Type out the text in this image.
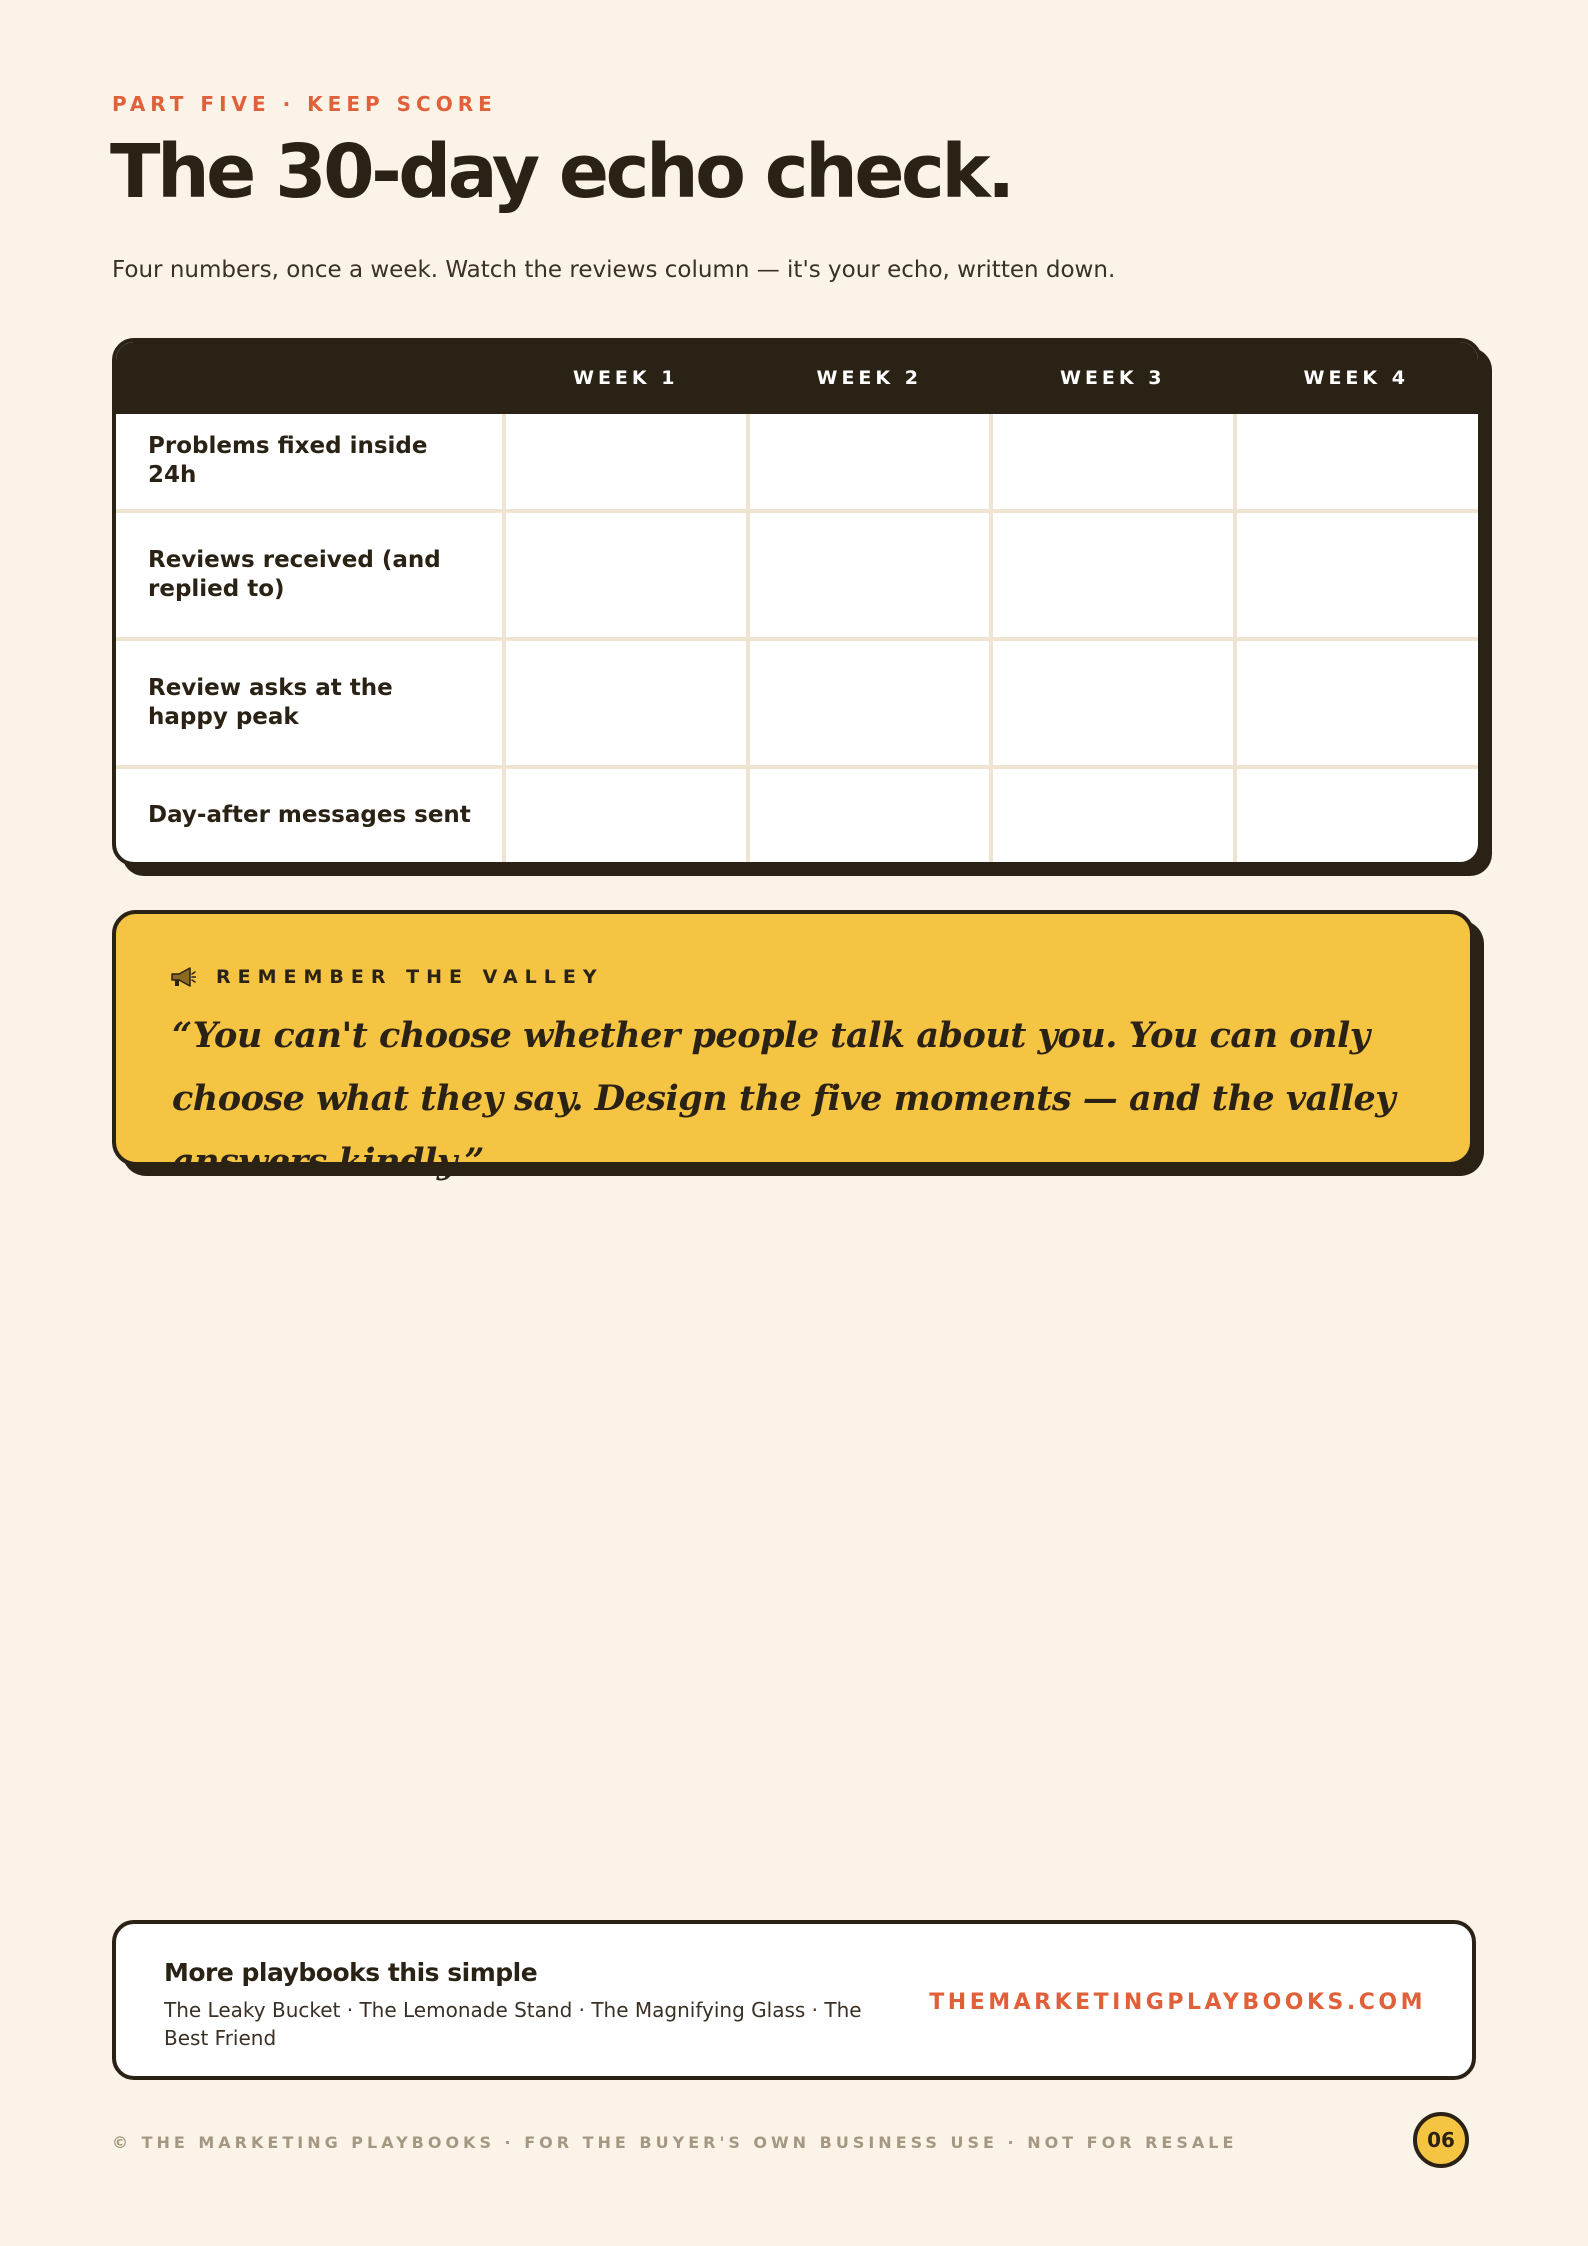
PART FIVE · KEEP SCORE
The 30-day echo check.

Four numbers, once a week. Watch the reviews column — it's your echo, written down.

	WEEK 1	WEEK 2	WEEK 3	WEEK 4
Problems fixed inside 24h				
Reviews received (and replied to)				
Review asks at the happy peak				
Day-after messages sent				
REMEMBER THE VALLEY

“You can't choose whether people talk about you. You can only choose what they say. Design the five moments — and the valley answers kindly.”

More playbooks this simple

The Leaky Bucket · The Lemonade Stand · The Magnifying Glass · The Best Friend

THEMARKETINGPLAYBOOKS.COM
© THE MARKETING PLAYBOOKS · FOR THE BUYER'S OWN BUSINESS USE · NOT FOR RESALE	06
